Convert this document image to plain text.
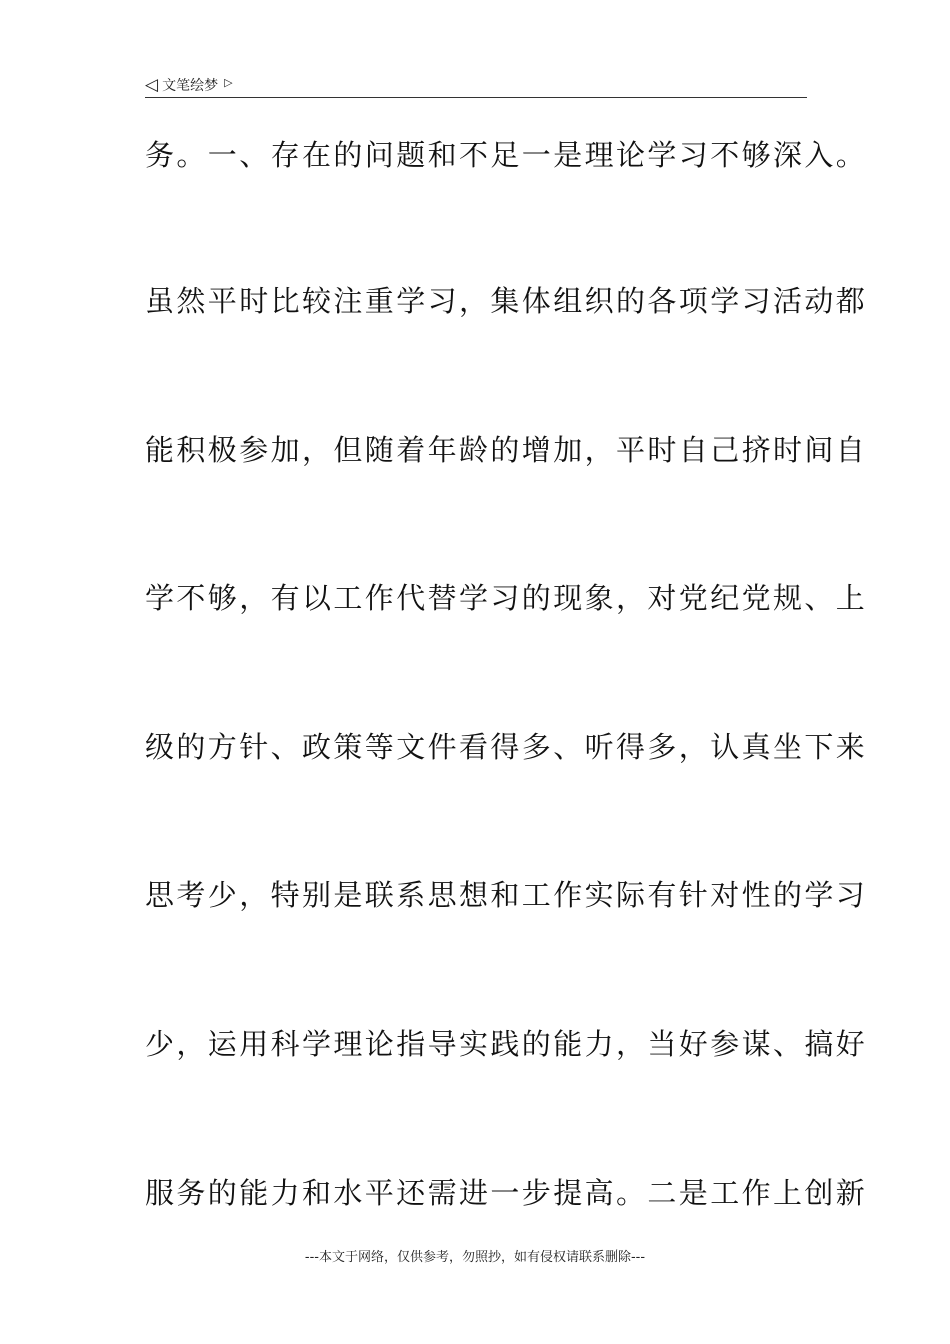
◁ 文笔绘梦 ▷
务。一、存在的问题和不足一是理论学习不够深入。
虽然平时比较注重学习，集体组织的各项学习活动都
能积极参加，但随着年龄的增加，平时自己挤时间自
学不够，有以工作代替学习的现象，对党纪党规、上
级的方针、政策等文件看得多、听得多，认真坐下来
思考少，特别是联系思想和工作实际有针对性的学习
少，运用科学理论指导实践的能力，当好参谋、搞好
服务的能力和水平还需进一步提高。二是工作上创新
---本文于网络，仅供参考，勿照抄，如有侵权请联系删除---
